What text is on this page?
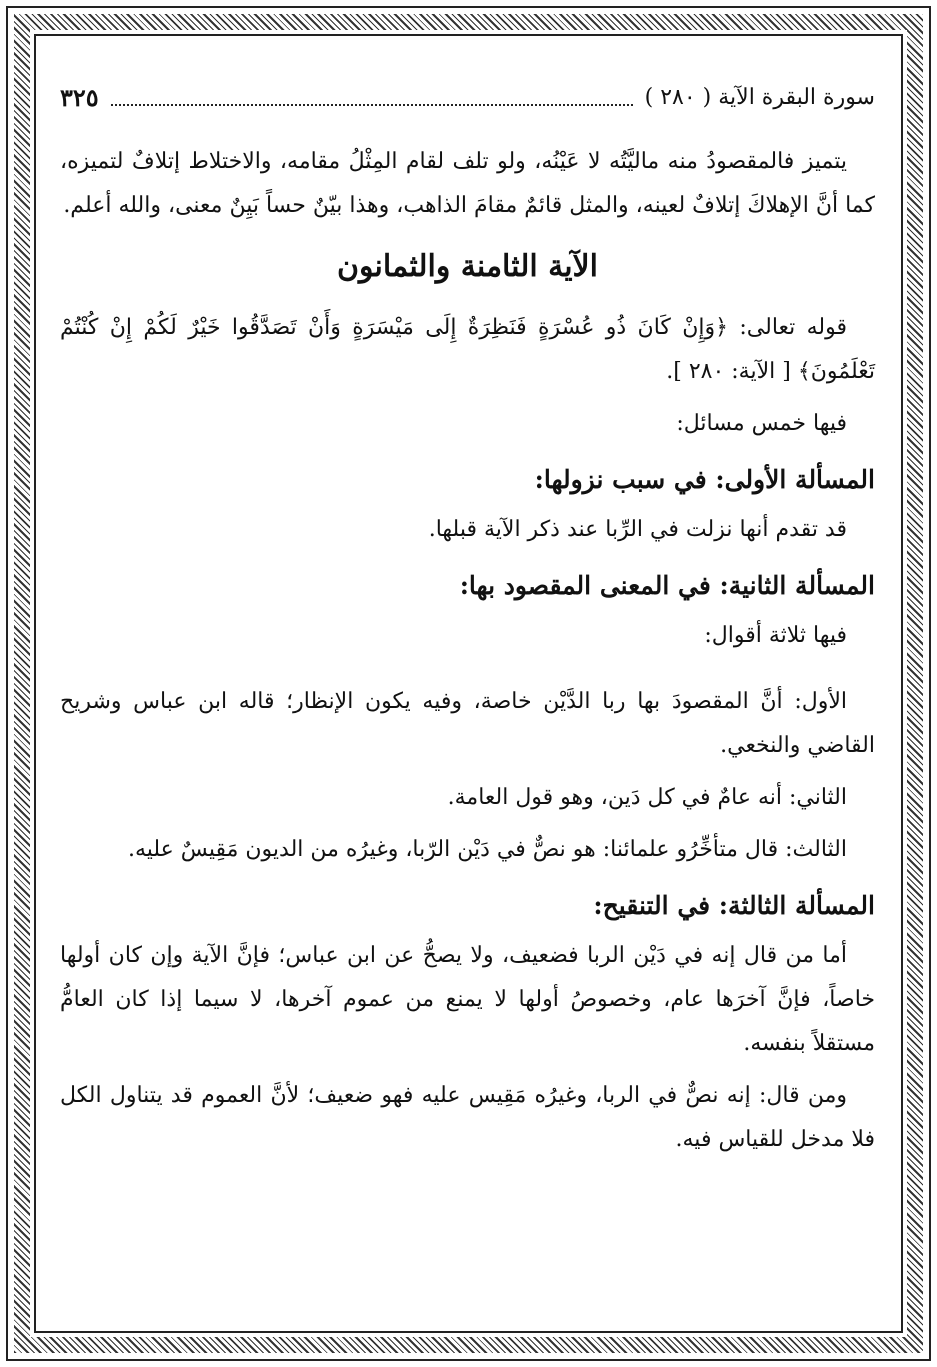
سورة البقرة الآية ( ٢٨٠ )
٣٢٥

يتميز فالمقصودُ منه ماليَّتُه لا عَيْنُه، ولو تلف لقام المِثْلُ مقامه، والاختلاط إتلافٌ لتميزه، كما أنَّ الإهلاكَ إتلافٌ لعينه، والمثل قائمٌ مقامَ الذاهب، وهذا بيّنٌ حساً بَيِنٌ معنى، والله أعلم.

الآية الثامنة والثمانون

قوله تعالى: ﴿وَإِنْ كَانَ ذُو عُسْرَةٍ فَنَظِرَةٌ إِلَى مَيْسَرَةٍ وَأَنْ تَصَدَّقُوا خَيْرٌ لَكُمْ إِنْ كُنْتُمْ تَعْلَمُونَ﴾ [ الآية: ٢٨٠ ].

فيها خمس مسائل:

المسألة الأولى: في سبب نزولها:

قد تقدم أنها نزلت في الرِّبا عند ذكر الآية قبلها.

المسألة الثانية: في المعنى المقصود بها:

فيها ثلاثة أقوال:

الأول: أنَّ المقصودَ بها ربا الدَّيْن خاصة، وفيه يكون الإنظار؛ قاله ابن عباس وشريح القاضي والنخعي.

الثاني: أنه عامٌ في كل دَين، وهو قول العامة.

الثالث: قال متأخِّرُو علمائنا: هو نصٌّ في دَيْن الرّبا، وغيرُه من الديون مَقِيسٌ عليه.

المسألة الثالثة: في التنقيح:

أما من قال إنه في دَيْن الربا فضعيف، ولا يصحُّ عن ابن عباس؛ فإنَّ الآية وإن كان أولها خاصاً، فإنَّ آخرَها عام، وخصوصُ أولها لا يمنع من عموم آخرها، لا سيما إذا كان العامُّ مستقلاً بنفسه.

ومن قال: إنه نصٌّ في الربا، وغيرُه مَقِيس عليه فهو ضعيف؛ لأنَّ العموم قد يتناول الكل فلا مدخل للقياس فيه.
